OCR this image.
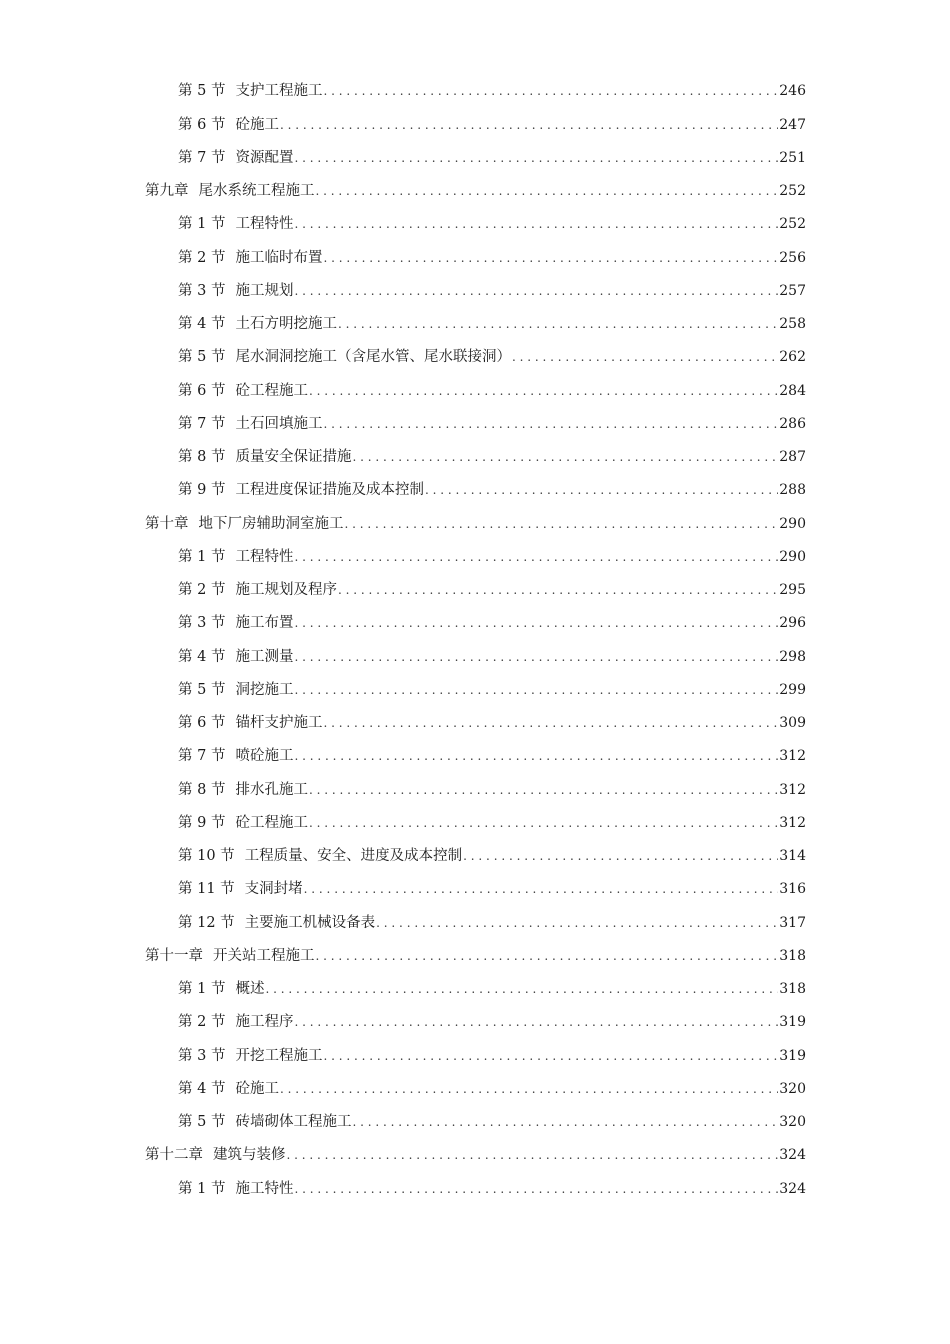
第 5 节 支护工程施工 . . .	246
第 6 节 砼施工 . . .	247
第 7 节 资源配置 . . .	251
第九章 尾水系统工程施工 . . .	252
第 1 节 工程特性 . . .	252
第 2 节 施工临时布置 . . .	256
第 3 节 施工规划 . . .	257
第 4 节 土石方明挖施工 . . .	258
第 5 节 尾水洞洞挖施工（含尾水管、尾水联接洞） . . .	262
第 6 节 砼工程施工 . . .	284
第 7 节 土石回填施工 . . .	286
第 8 节 质量安全保证措施 . . .	287
第 9 节 工程进度保证措施及成本控制 . . .	288
第十章 地下厂房辅助洞室施工 . . .	290
第 1 节 工程特性 . . .	290
第 2 节 施工规划及程序 . . .	295
第 3 节 施工布置 . . .	296
第 4 节 施工测量 . . .	298
第 5 节 洞挖施工 . . .	299
第 6 节 锚杆支护施工 . . .	309
第 7 节 喷砼施工 . . .	312
第 8 节 排水孔施工 . . .	312
第 9 节 砼工程施工 . . .	312
第 10 节 工程质量、安全、进度及成本控制 . . .	314
第 11 节 支洞封堵 . . .	316
第 12 节 主要施工机械设备表 . . .	317
第十一章 开关站工程施工 . . .	318
第 1 节 概述 . . .	318
第 2 节 施工程序 . . .	319
第 3 节 开挖工程施工 . . .	319
第 4 节 砼施工 . . .	320
第 5 节 砖墙砌体工程施工 . . .	320
第十二章 建筑与装修 . . .	324
第 1 节 施工特性 . . .	324
